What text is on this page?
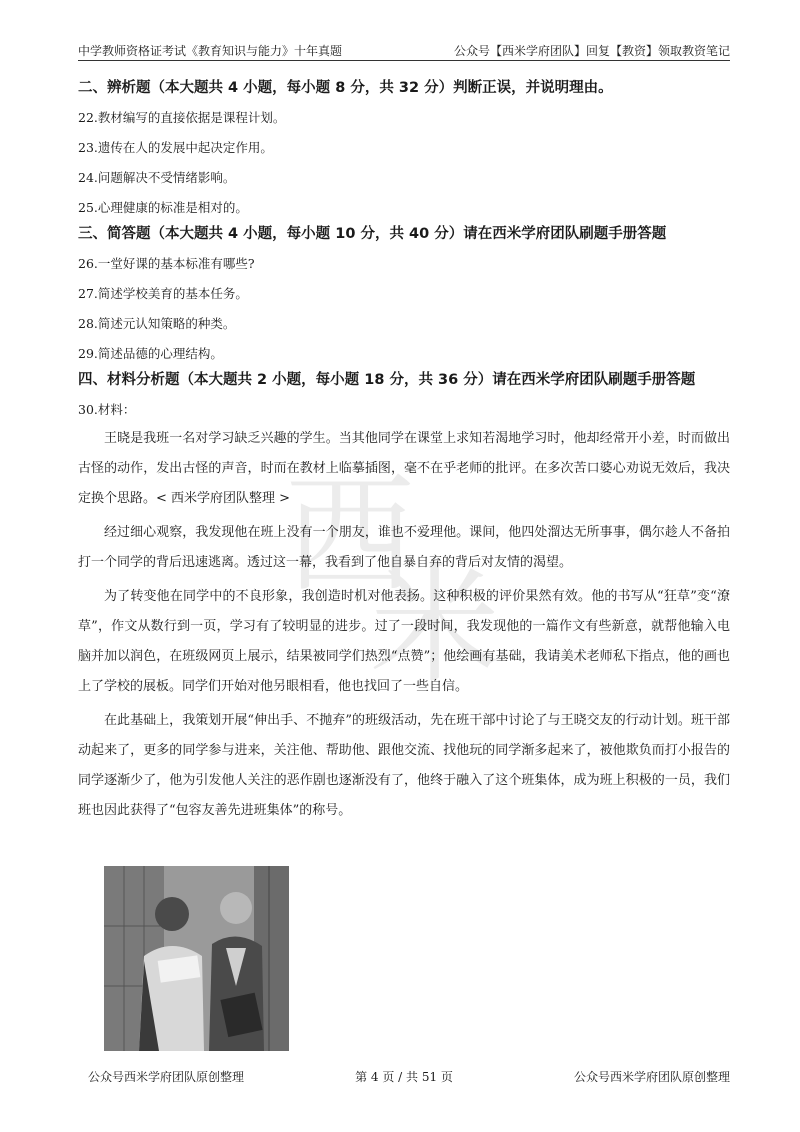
中学教师资格证考试《教育知识与能力》十年真题	公众号【西米学府团队】回复【教资】领取教资笔记
西
米

二、辨析题（本大题共 4 小题，每小题 8 分，共 32 分）判断正误，并说明理由。

22.教材编写的直接依据是课程计划。

23.遗传在人的发展中起决定作用。

24.问题解决不受情绪影响。

25.心理健康的标准是相对的。

三、简答题（本大题共 4 小题，每小题 10 分，共 40 分）请在西米学府团队刷题手册答题

26.一堂好课的基本标准有哪些?

27.简述学校美育的基本任务。

28.简述元认知策略的种类。

29.简述品德的心理结构。

四、材料分析题（本大题共 2 小题，每小题 18 分，共 36 分）请在西米学府团队刷题手册答题

30.材料：

王晓是我班一名对学习缺乏兴趣的学生。当其他同学在课堂上求知若渴地学习时，他却经常开小差，时而做出古怪的动作，发出古怪的声音，时而在教材上临摹插图，毫不在乎老师的批评。在多次苦口婆心劝说无效后，我决定换个思路。< 西米学府团队整理 >

经过细心观察，我发现他在班上没有一个朋友，谁也不爱理他。课间，他四处溜达无所事事，偶尔趁人不备拍打一个同学的背后迅速逃离。透过这一幕，我看到了他自暴自弃的背后对友情的渴望。

为了转变他在同学中的不良形象，我创造时机对他表扬。这种积极的评价果然有效。他的书写从“狂草”变“潦草”，作文从数行到一页，学习有了较明显的进步。过了一段时间，我发现他的一篇作文有些新意，就帮他输入电脑并加以润色，在班级网页上展示，结果被同学们热烈“点赞”；他绘画有基础，我请美术老师私下指点，他的画也上了学校的展板。同学们开始对他另眼相看，他也找回了一些自信。

在此基础上，我策划开展“伸出手、不抛弃”的班级活动，先在班干部中讨论了与王晓交友的行动计划。班干部动起来了，更多的同学参与进来，关注他、帮助他、跟他交流、找他玩的同学渐多起来了，被他欺负而打小报告的同学逐渐少了，他为引发他人关注的恶作剧也逐渐没有了，他终于融入了这个班集体，成为班上积极的一员，我们班也因此获得了“包容友善先进班集体”的称号。

公众号西米学府团队原创整理	第 4 页 / 共 51 页	公众号西米学府团队原创整理
